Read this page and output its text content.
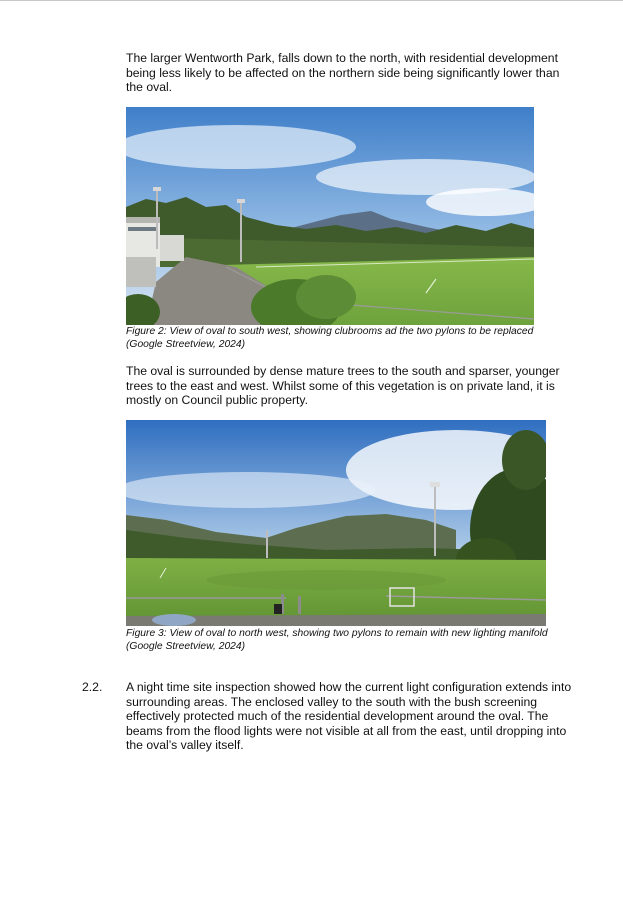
The larger Wentworth Park, falls down to the north, with residential development being less likely to be affected on the northern side being significantly lower than the oval.

Figure 2: View of oval to south west, showing clubrooms ad the two pylons to be replaced (Google Streetview, 2024)

The oval is surrounded by dense mature trees to the south and sparser, younger trees to the east and west. Whilst some of this vegetation is on private land, it is mostly on Council public property.

Figure 3: View of oval to north west, showing two pylons to remain with new lighting manifold (Google Streetview, 2024)

2.2. A night time site inspection showed how the current light configuration extends into surrounding areas. The enclosed valley to the south with the bush screening effectively protected much of the residential development around the oval. The beams from the flood lights were not visible at all from the east, until dropping into the oval’s valley itself.
